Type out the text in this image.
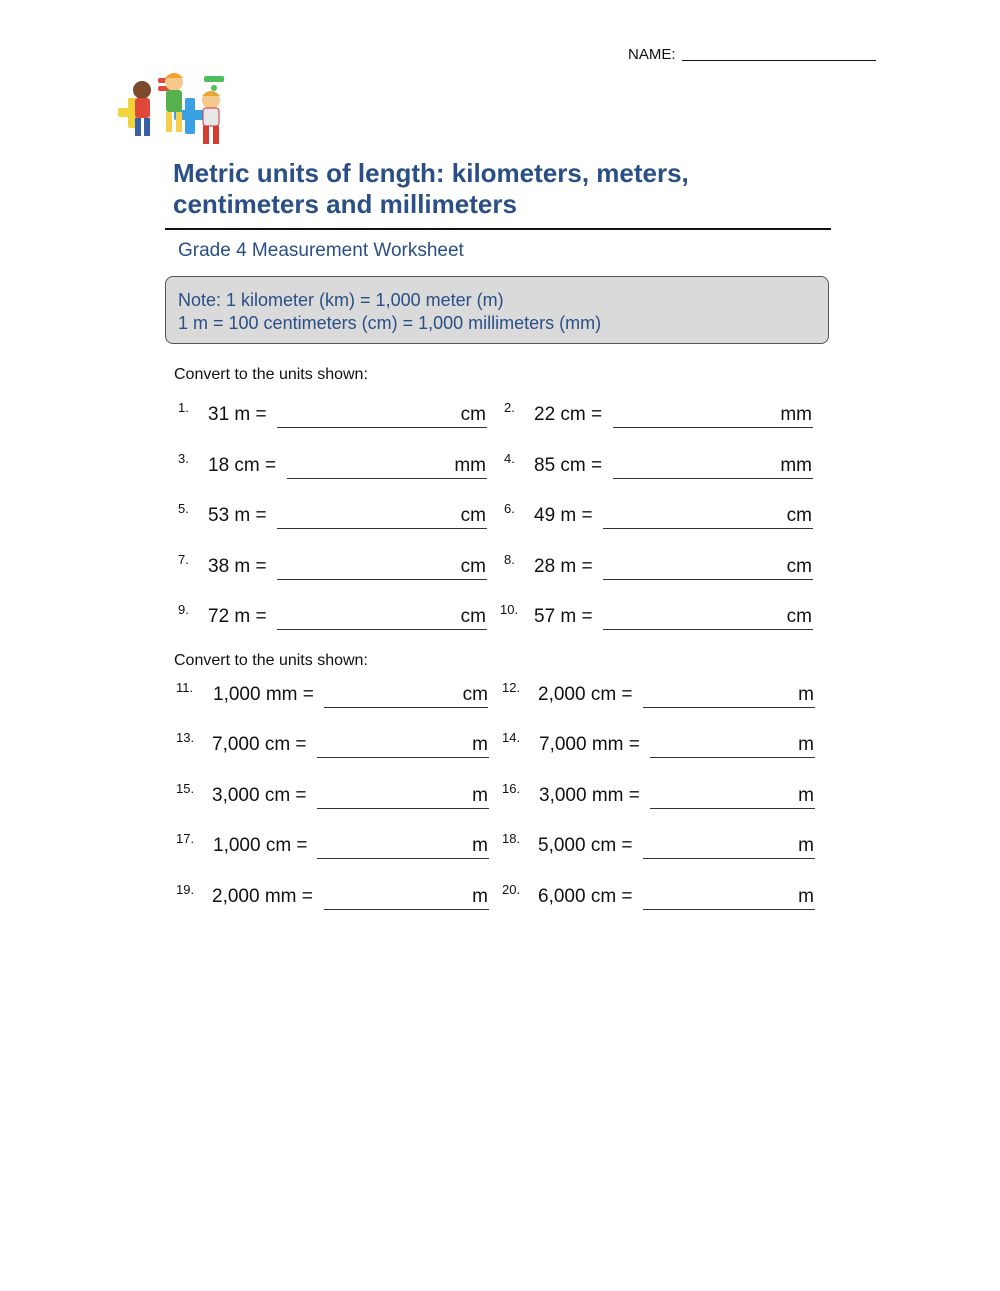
NAME:
Metric units of length: kilometers, meters,
centimeters and millimeters
Grade 4 Measurement Worksheet
Note: 1 kilometer (km) = 1,000 meter (m)
1 m = 100 centimeters (cm) = 1,000 millimeters (mm)
Convert to the units shown:
1. 31 m =	cm 2. 22 cm =	mm
3. 18 cm =	mm 4. 85 cm =	mm
5. 53 m =	cm 6. 49 m =	cm
7. 38 m =	cm 8. 28 m =	cm
9. 72 m =	cm 10. 57 m =	cm
Convert to the units shown:
11. 1,000 mm =	cm 12. 2,000 cm =	m
13. 7,000 cm =	m 14. 7,000 mm =	m
15. 3,000 cm =	m 16. 3,000 mm =	m
17. 1,000 cm =	m 18. 5,000 cm =	m
19. 2,000 mm =	m 20. 6,000 cm =	m
